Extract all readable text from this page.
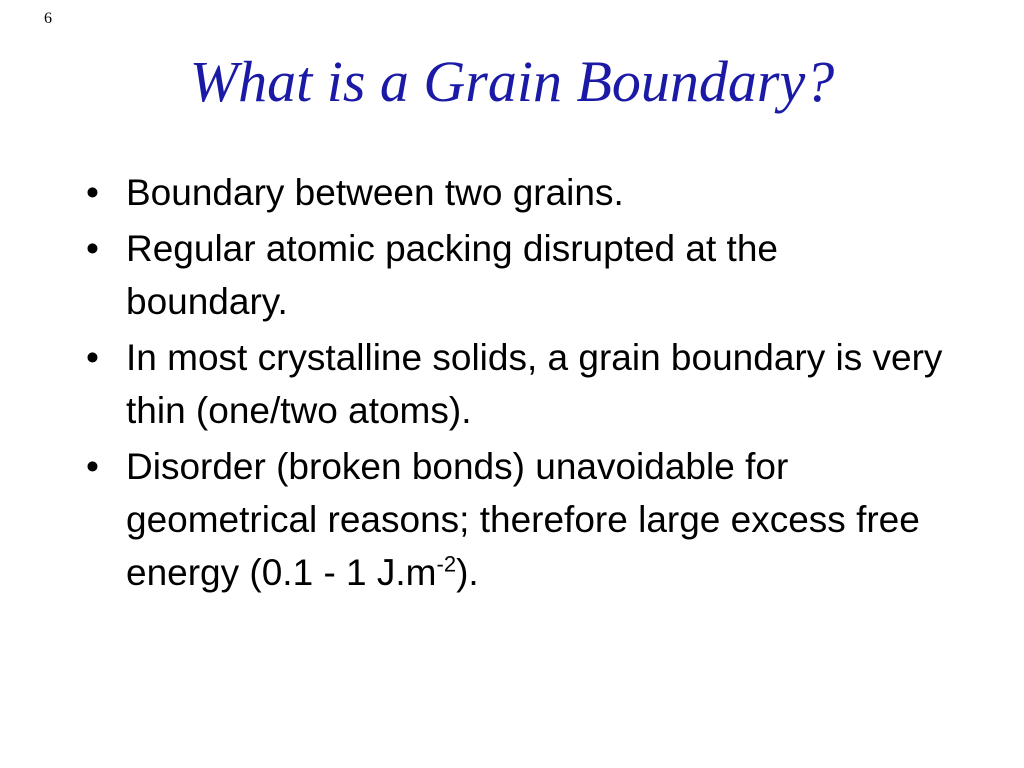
6
What is a Grain Boundary?
• Boundary between two grains.
• Regular atomic packing disrupted at the boundary.
• In most crystalline solids, a grain boundary is very thin (one/two atoms).
• Disorder (broken bonds) unavoidable for geometrical reasons; therefore large excess free energy (0.1 - 1 $J.m^{-2}$).
